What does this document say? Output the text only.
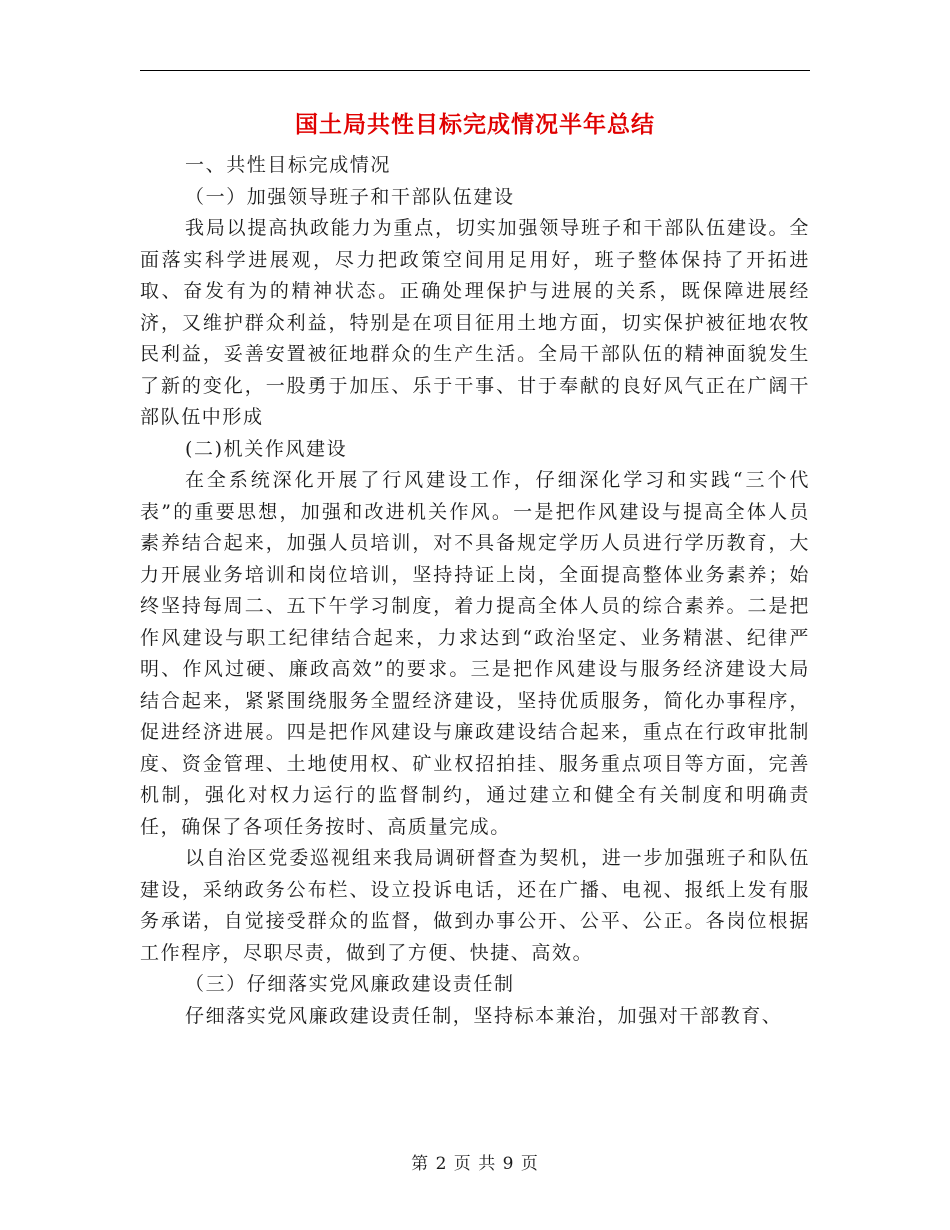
国土局共性目标完成情况半年总结

一、共性目标完成情况

（一）加强领导班子和干部队伍建设

我局以提高执政能力为重点，切实加强领导班子和干部队伍建设。全面落实科学进展观，尽力把政策空间用足用好，班子整体保持了开拓进取、奋发有为的精神状态。正确处理保护与进展的关系，既保障进展经济，又维护群众利益，特别是在项目征用土地方面，切实保护被征地农牧民利益，妥善安置被征地群众的生产生活。全局干部队伍的精神面貌发生了新的变化，一股勇于加压、乐于干事、甘于奉献的良好风气正在广阔干部队伍中形成

(二)机关作风建设

在全系统深化开展了行风建设工作，仔细深化学习和实践“三个代表”的重要思想，加强和改进机关作风。一是把作风建设与提高全体人员素养结合起来，加强人员培训，对不具备规定学历人员进行学历教育，大力开展业务培训和岗位培训，坚持持证上岗，全面提高整体业务素养；始终坚持每周二、五下午学习制度，着力提高全体人员的综合素养。二是把作风建设与职工纪律结合起来，力求达到“政治坚定、业务精湛、纪律严明、作风过硬、廉政高效”的要求。三是把作风建设与服务经济建设大局结合起来，紧紧围绕服务全盟经济建设，坚持优质服务，简化办事程序，促进经济进展。四是把作风建设与廉政建设结合起来，重点在行政审批制度、资金管理、土地使用权、矿业权招拍挂、服务重点项目等方面，完善机制，强化对权力运行的监督制约，通过建立和健全有关制度和明确责任，确保了各项任务按时、高质量完成。

以自治区党委巡视组来我局调研督查为契机，进一步加强班子和队伍建设，采纳政务公布栏、设立投诉电话，还在广播、电视、报纸上发有服务承诺，自觉接受群众的监督，做到办事公开、公平、公正。各岗位根据工作程序，尽职尽责，做到了方便、快捷、高效。

（三）仔细落实党风廉政建设责任制

仔细落实党风廉政建设责任制，坚持标本兼治，加强对干部教育、

第 2 页 共 9 页
